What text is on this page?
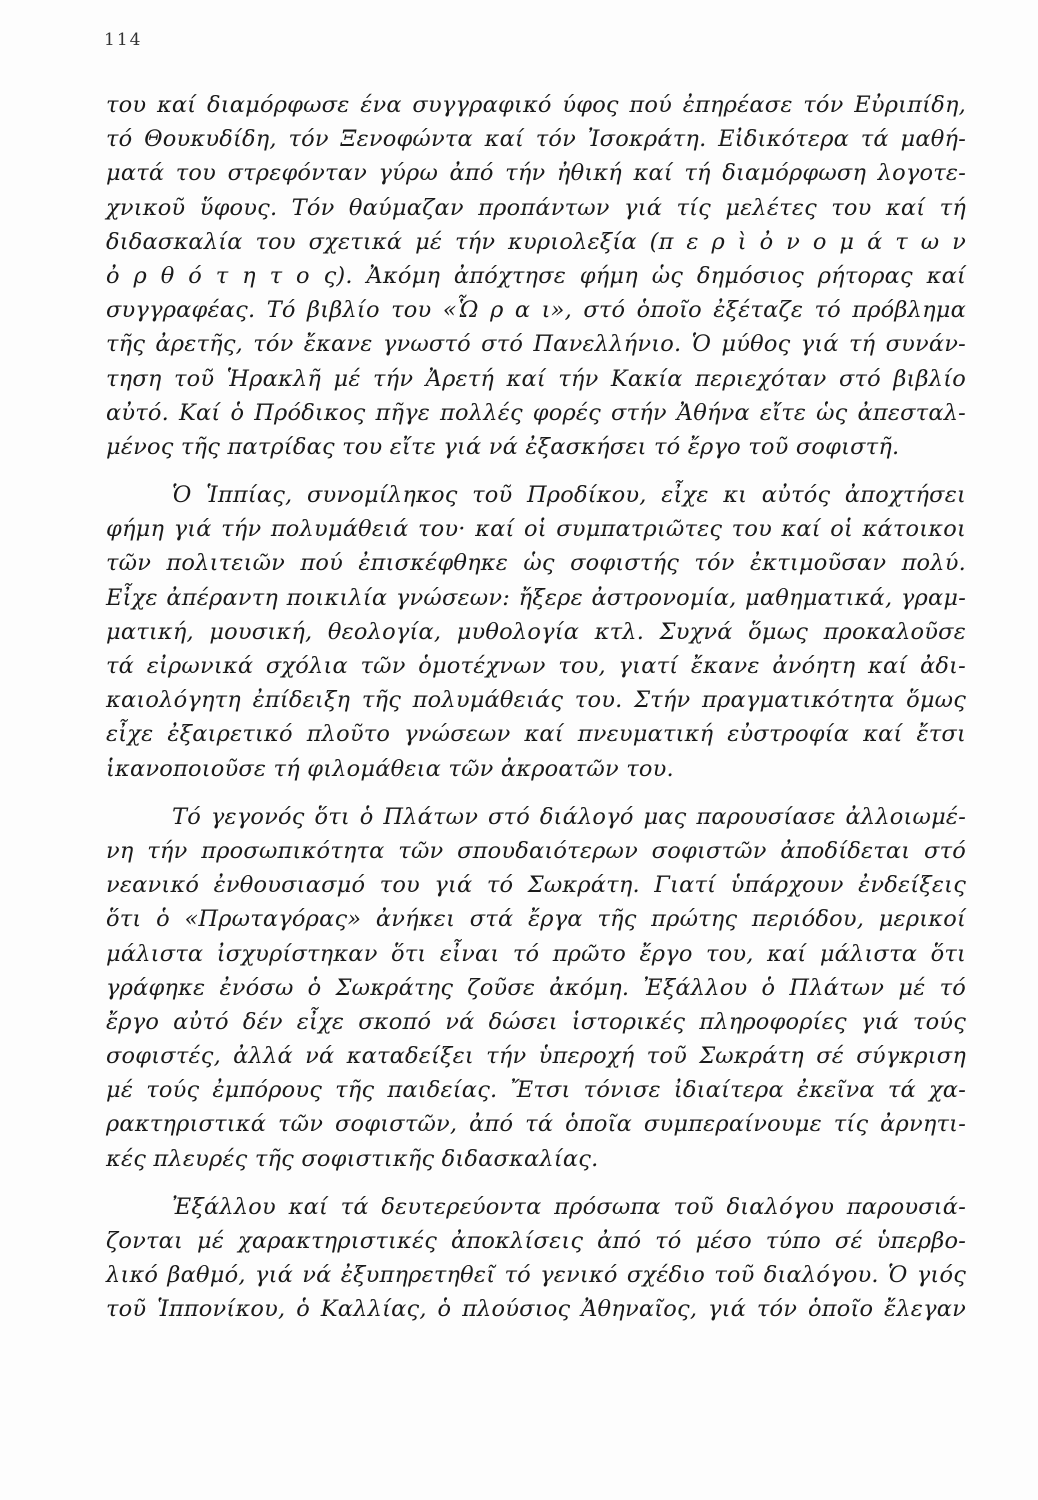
114
του καί διαμόρφωσε ένα συγγραφικό ύφος πού ἐπηρέασε τόν Εὐριπίδη,
τό Θουκυδίδη, τόν Ξενοφώντα καί τόν Ἰσοκράτη. Εἰδικότερα τά μαθή-
ματά του στρεφόνταν γύρω ἀπό τήν ἠθική καί τή διαμόρφωση λογοτε-
χνικοῦ ὕφους. Τόν θαύμαζαν προπάντων γιά τίς μελέτες του καί τή
διδασκαλία του σχετικά μέ τήν κυριολεξία (π ε ρ ὶ ὀ ν ο μ ά τ ω ν
ὀ ρ θ ό τ η τ ο ς). Ἀκόμη ἀπόχτησε φήμη ὡς δημόσιος ρήτορας καί
συγγραφέας. Τό βιβλίο του «Ὧ ρ α ι», στό ὁποῖο ἐξέταζε τό πρόβλημα
τῆς ἀρετῆς, τόν ἔκανε γνωστό στό Πανελλήνιο. Ὁ μύθος γιά τή συνάν-
τηση τοῦ Ἡρακλῆ μέ τήν Ἀρετή καί τήν Κακία περιεχόταν στό βιβλίο
αὐτό. Καί ὁ Πρόδικος πῆγε πολλές φορές στήν Ἀθήνα εἴτε ὡς ἀπεσταλ-
μένος τῆς πατρίδας του εἴτε γιά νά ἐξασκήσει τό ἔργο τοῦ σοφιστῆ.
Ὁ Ἱππίας, συνομίληκος τοῦ Προδίκου, εἶχε κι αὐτός ἀποχτήσει
φήμη γιά τήν πολυμάθειά του· καί οἱ συμπατριῶτες του καί οἱ κάτοικοι
τῶν πολιτειῶν πού ἐπισκέφθηκε ὡς σοφιστής τόν ἐκτιμοῦσαν πολύ.
Εἶχε ἀπέραντη ποικιλία γνώσεων: ἤξερε ἀστρονομία, μαθηματικά, γραμ-
ματική, μουσική, θεολογία, μυθολογία κτλ. Συχνά ὅμως προκαλοῦσε
τά εἰρωνικά σχόλια τῶν ὁμοτέχνων του, γιατί ἔκανε ἀνόητη καί ἀδι-
καιολόγητη ἐπίδειξη τῆς πολυμάθειάς του. Στήν πραγματικότητα ὅμως
εἶχε ἐξαιρετικό πλοῦτο γνώσεων καί πνευματική εὐστροφία καί ἔτσι
ἱκανοποιοῦσε τή φιλομάθεια τῶν ἀκροατῶν του.
Τό γεγονός ὅτι ὁ Πλάτων στό διάλογό μας παρουσίασε ἀλλοιωμέ-
νη τήν προσωπικότητα τῶν σπουδαιότερων σοφιστῶν ἀποδίδεται στό
νεανικό ἐνθουσιασμό του γιά τό Σωκράτη. Γιατί ὑπάρχουν ἐνδείξεις
ὅτι ὁ «Πρωταγόρας» ἀνήκει στά ἔργα τῆς πρώτης περιόδου, μερικοί
μάλιστα ἰσχυρίστηκαν ὅτι εἶναι τό πρῶτο ἔργο του, καί μάλιστα ὅτι
γράφηκε ἐνόσω ὁ Σωκράτης ζοῦσε ἀκόμη. Ἐξάλλου ὁ Πλάτων μέ τό
ἔργο αὐτό δέν εἶχε σκοπό νά δώσει ἱστορικές πληροφορίες γιά τούς
σοφιστές, ἀλλά νά καταδείξει τήν ὑπεροχή τοῦ Σωκράτη σέ σύγκριση
μέ τούς ἐμπόρους τῆς παιδείας. Ἔτσι τόνισε ἰδιαίτερα ἐκεῖνα τά χα-
ρακτηριστικά τῶν σοφιστῶν, ἀπό τά ὁποῖα συμπεραίνουμε τίς ἀρνητι-
κές πλευρές τῆς σοφιστικῆς διδασκαλίας.
Ἐξάλλου καί τά δευτερεύοντα πρόσωπα τοῦ διαλόγου παρουσιά-
ζονται μέ χαρακτηριστικές ἀποκλίσεις ἀπό τό μέσο τύπο σέ ὑπερβο-
λικό βαθμό, γιά νά ἐξυπηρετηθεῖ τό γενικό σχέδιο τοῦ διαλόγου. Ὁ γιός
τοῦ Ἱππονίκου, ὁ Καλλίας, ὁ πλούσιος Ἀθηναῖος, γιά τόν ὁποῖο ἔλεγαν
